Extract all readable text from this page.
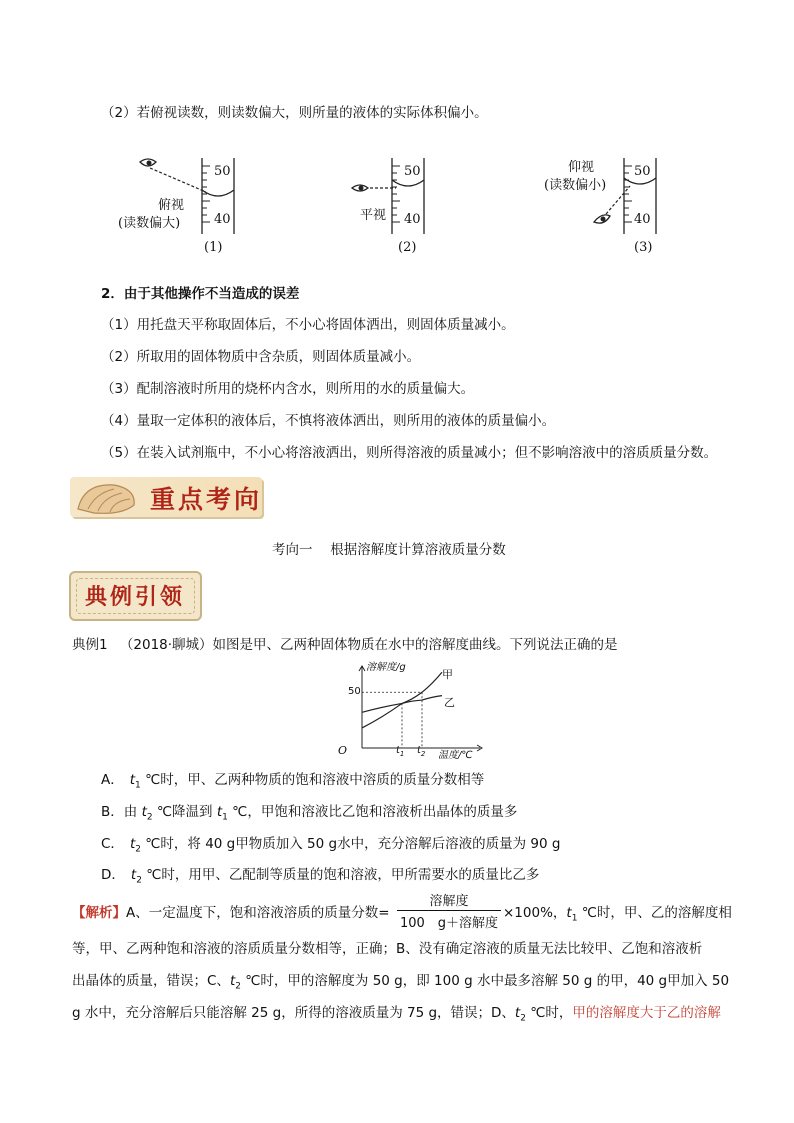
（2）若俯视读数，则读数偏大，则所量的液体的实际体积偏小。
50
40
俯视
(读数偏大)
(1)
50
40
平视
(2)
50
40
仰视
(读数偏小)
(3)
2．由于其他操作不当造成的误差
（1）用托盘天平称取固体后，不小心将固体洒出，则固体质量减小。
（2）所取用的固体物质中含杂质，则固体质量减小。
（3）配制溶液时所用的烧杯内含水，则所用的水的质量偏大。
（4）量取一定体积的液体后，不慎将液体洒出，则所用的液体的质量偏小。
（5）在装入试剂瓶中，不小心将溶液洒出，则所得溶液的质量减小；但不影响溶液中的溶质质量分数。
重点考向
考向一　 根据溶解度计算溶液质量分数
典例引领
典例1 （2018·聊城）如图是甲、乙两种固体物质在水中的溶解度曲线。下列说法正确的是
溶解度/g
温度/℃
O
50
$t_1$ $t_2$
甲
乙
A． $t_1$ ℃时，甲、乙两种物质的饱和溶液中溶质的质量分数相等
B．由 $t_2$ ℃降温到 $t_1$ ℃，甲饱和溶液比乙饱和溶液析出晶体的质量多
C． $t_2$ ℃时，将 40 g甲物质加入 50 g水中，充分溶解后溶液的质量为 90 g
D． $t_2$ ℃时，用甲、乙配制等质量的饱和溶液，甲所需要水的质量比乙多
【解析】A、一定温度下，饱和溶液溶质的质量分数=
溶解度
100　g＋溶解度
×100%，$t_1$ ℃时，甲、乙的溶解度相
等，甲、乙两种饱和溶液的溶质质量分数相等，正确；B、没有确定溶液的质量无法比较甲、乙饱和溶液析
出晶体的质量，错误；C、$t_2$ ℃时，甲的溶解度为 50 g，即 100 g 水中最多溶解 50 g 的甲，40 g甲加入 50
g 水中，充分溶解后只能溶解 25 g，所得的溶液质量为 75 g，错误；D、$t_2$ ℃时，甲的溶解度大于乙的溶解
